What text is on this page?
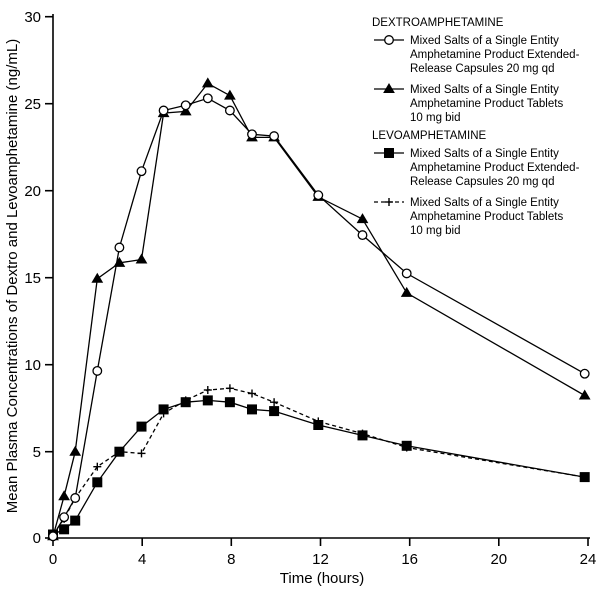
0
5
10
15
20
25
30
0	4	8	12	16	20	24
Time (hours)
Mean Plasma Concentrations of Dextro and Levoamphetamine (ng/mL)
DEXTROAMPHETAMINE
Mixed Salts of a Single Entity
Amphetamine Product Extended-
Release Capsules 20 mg qd
Mixed Salts of a Single Entity
Amphetamine Product Tablets
10 mg bid
LEVOAMPHETAMINE
Mixed Salts of a Single Entity
Amphetamine Product Extended-
Release Capsules 20 mg qd
Mixed Salts of a Single Entity
Amphetamine Product Tablets
10 mg bid
